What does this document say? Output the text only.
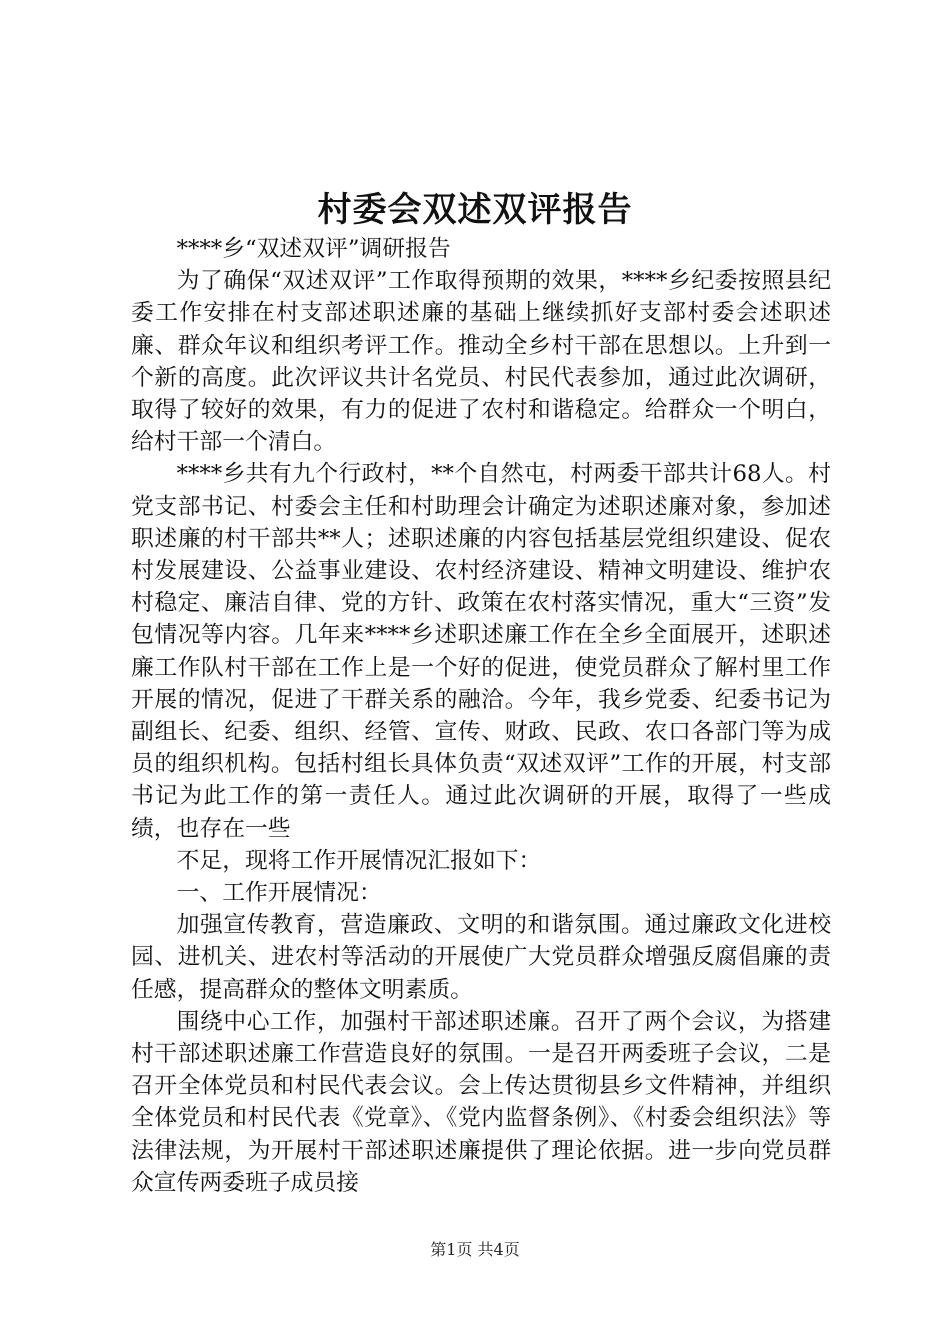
村委会双述双评报告

****乡“双述双评”调研报告

为了确保“双述双评”工作取得预期的效果，****乡纪委按照县纪委工作安排在村支部述职述廉的基础上继续抓好支部村委会述职述廉、群众年议和组织考评工作。推动全乡村干部在思想以。上升到一个新的高度。此次评议共计名党员、村民代表参加，通过此次调研，取得了较好的效果，有力的促进了农村和谐稳定。给群众一个明白，给村干部一个清白。

****乡共有九个行政村，**个自然屯，村两委干部共计68人。村党支部书记、村委会主任和村助理会计确定为述职述廉对象，参加述职述廉的村干部共**人；述职述廉的内容包括基层党组织建设、促农村发展建设、公益事业建设、农村经济建设、精神文明建设、维护农村稳定、廉洁自律、党的方针、政策在农村落实情况，重大“三资”发包情况等内容。几年来****乡述职述廉工作在全乡全面展开，述职述廉工作队村干部在工作上是一个好的促进，使党员群众了解村里工作开展的情况，促进了干群关系的融洽。今年，我乡党委、纪委书记为副组长、纪委、组织、经管、宣传、财政、民政、农口各部门等为成员的组织机构。包括村组长具体负责“双述双评”工作的开展，村支部书记为此工作的第一责任人。通过此次调研的开展，取得了一些成绩，也存在一些

不足，现将工作开展情况汇报如下：

一、工作开展情况：

加强宣传教育，营造廉政、文明的和谐氛围。通过廉政文化进校园、进机关、进农村等活动的开展使广大党员群众增强反腐倡廉的责任感，提高群众的整体文明素质。

围绕中心工作，加强村干部述职述廉。召开了两个会议，为搭建村干部述职述廉工作营造良好的氛围。一是召开两委班子会议，二是召开全体党员和村民代表会议。会上传达贯彻县乡文件精神，并组织全体党员和村民代表《党章》、《党内监督条例》、《村委会组织法》等法律法规，为开展村干部述职述廉提供了理论依据。进一步向党员群众宣传两委班子成员接

第1页 共4页
